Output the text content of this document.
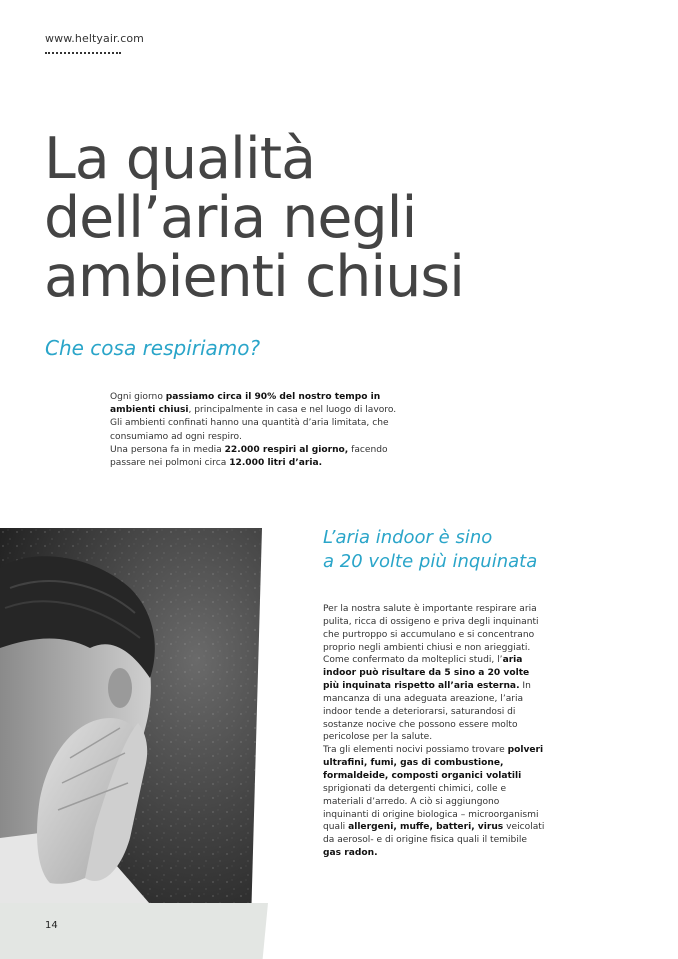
www.heltyair.com
La qualità
dell’aria negli
ambienti chiusi
Che cosa respiriamo?
Ogni giorno passiamo circa il 90% del nostro tempo in ambienti chiusi, principalmente in casa e nel luogo di lavoro. Gli ambienti confinati hanno una quantità d’aria limitata, che consumiamo ad ogni respiro.
Una persona fa in media 22.000 respiri al giorno, facendo passare nei polmoni circa 12.000 litri d’aria.
14
L’aria indoor è sino
a 20 volte più inquinata
Per la nostra salute è importante respirare aria pulita, ricca di ossigeno e priva degli inquinanti che purtroppo si accumulano e si concentrano proprio negli ambienti chiusi e non arieggiati. Come confermato da molteplici studi, l’aria indoor può risultare da 5 sino a 20 volte più inquinata rispetto all’aria esterna. In mancanza di una adeguata areazione, l’aria indoor tende a deteriorarsi, saturandosi di sostanze nocive che possono essere molto pericolose per la salute.
Tra gli elementi nocivi possiamo trovare polveri ultrafini, fumi, gas di combustione, formaldeide, composti organici volatili sprigionati da detergenti chimici, colle e materiali d’arredo. A ciò si aggiungono inquinanti di origine biologica – microorganismi quali allergeni, muffe, batteri, virus veicolati da aerosol- e di origine fisica quali il temibile gas radon.
